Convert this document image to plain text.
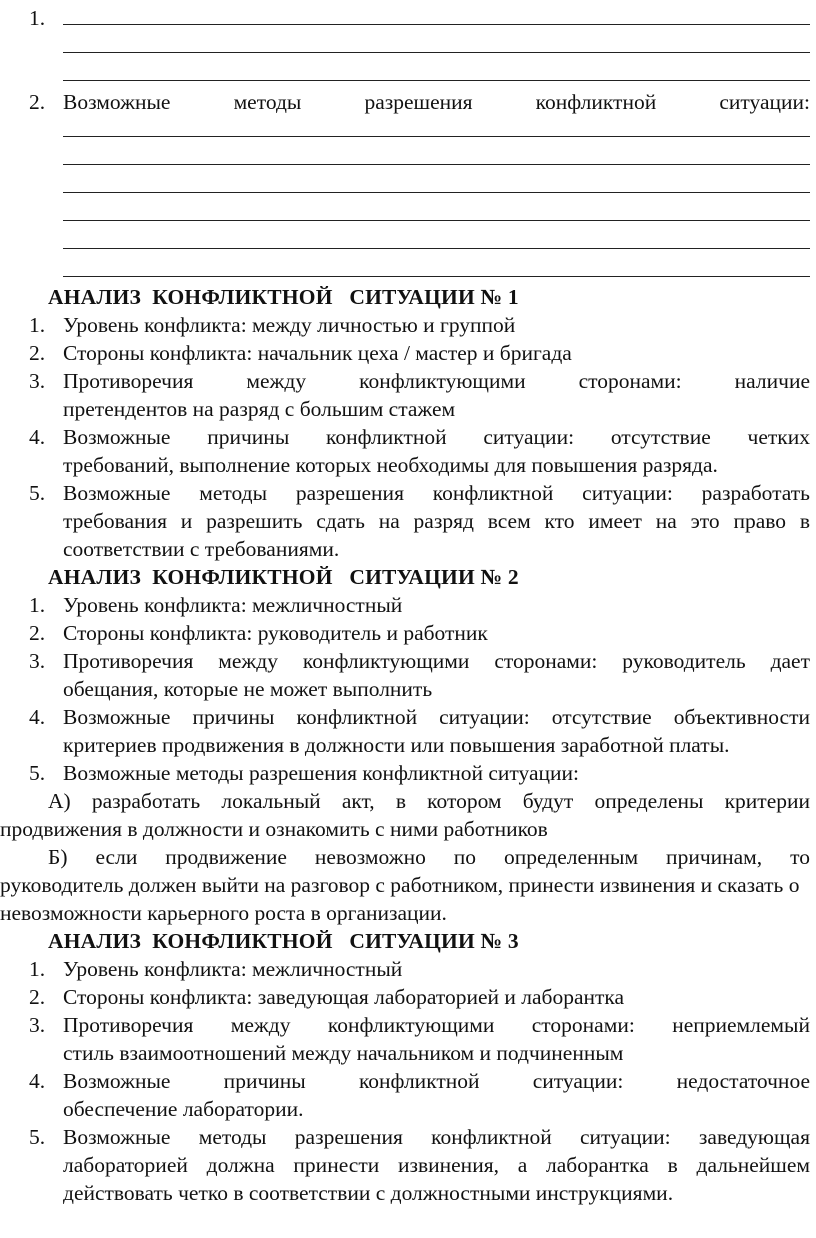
1.
2. Возможные методы разрешения конфликтной ситуации:
АНАЛИЗ  КОНФЛИКТНОЙ   СИТУАЦИИ № 1
1. Уровень конфликта: между личностью и группой
2. Стороны конфликта: начальник цеха / мастер и бригада
3. Противоречия между конфликтующими сторонами: наличие
претендентов на разряд с большим стажем
4. Возможные причины конфликтной ситуации: отсутствие четких
требований, выполнение которых необходимы для повышения разряда.
5. Возможные методы разрешения конфликтной ситуации: разработать
требования и разрешить сдать на разряд всем кто имеет на это право в
соответствии с требованиями.
АНАЛИЗ  КОНФЛИКТНОЙ   СИТУАЦИИ № 2
1. Уровень конфликта: межличностный
2. Стороны конфликта: руководитель и работник
3. Противоречия между конфликтующими сторонами: руководитель дает
обещания, которые не может выполнить
4. Возможные причины конфликтной ситуации: отсутствие объективности
критериев продвижения в должности или повышения заработной платы.
5. Возможные методы разрешения конфликтной ситуации:
А) разработать локальный акт, в котором будут определены критерии
продвижения в должности и ознакомить с ними работников
Б) если продвижение невозможно по определенным причинам, то
руководитель должен выйти на разговор с работником, принести извинения и сказать о невозможности карьерного роста в организации.
АНАЛИЗ  КОНФЛИКТНОЙ   СИТУАЦИИ № 3
1. Уровень конфликта: межличностный
2. Стороны конфликта: заведующая лабораторией и лаборантка
3. Противоречия между конфликтующими сторонами: неприемлемый
стиль взаимоотношений между начальником и подчиненным
4. Возможные причины конфликтной ситуации: недостаточное
обеспечение лаборатории.
5. Возможные методы разрешения конфликтной ситуации: заведующая
лабораторией должна принести извинения, а лаборантка в дальнейшем
действовать четко в соответствии с должностными инструкциями.
